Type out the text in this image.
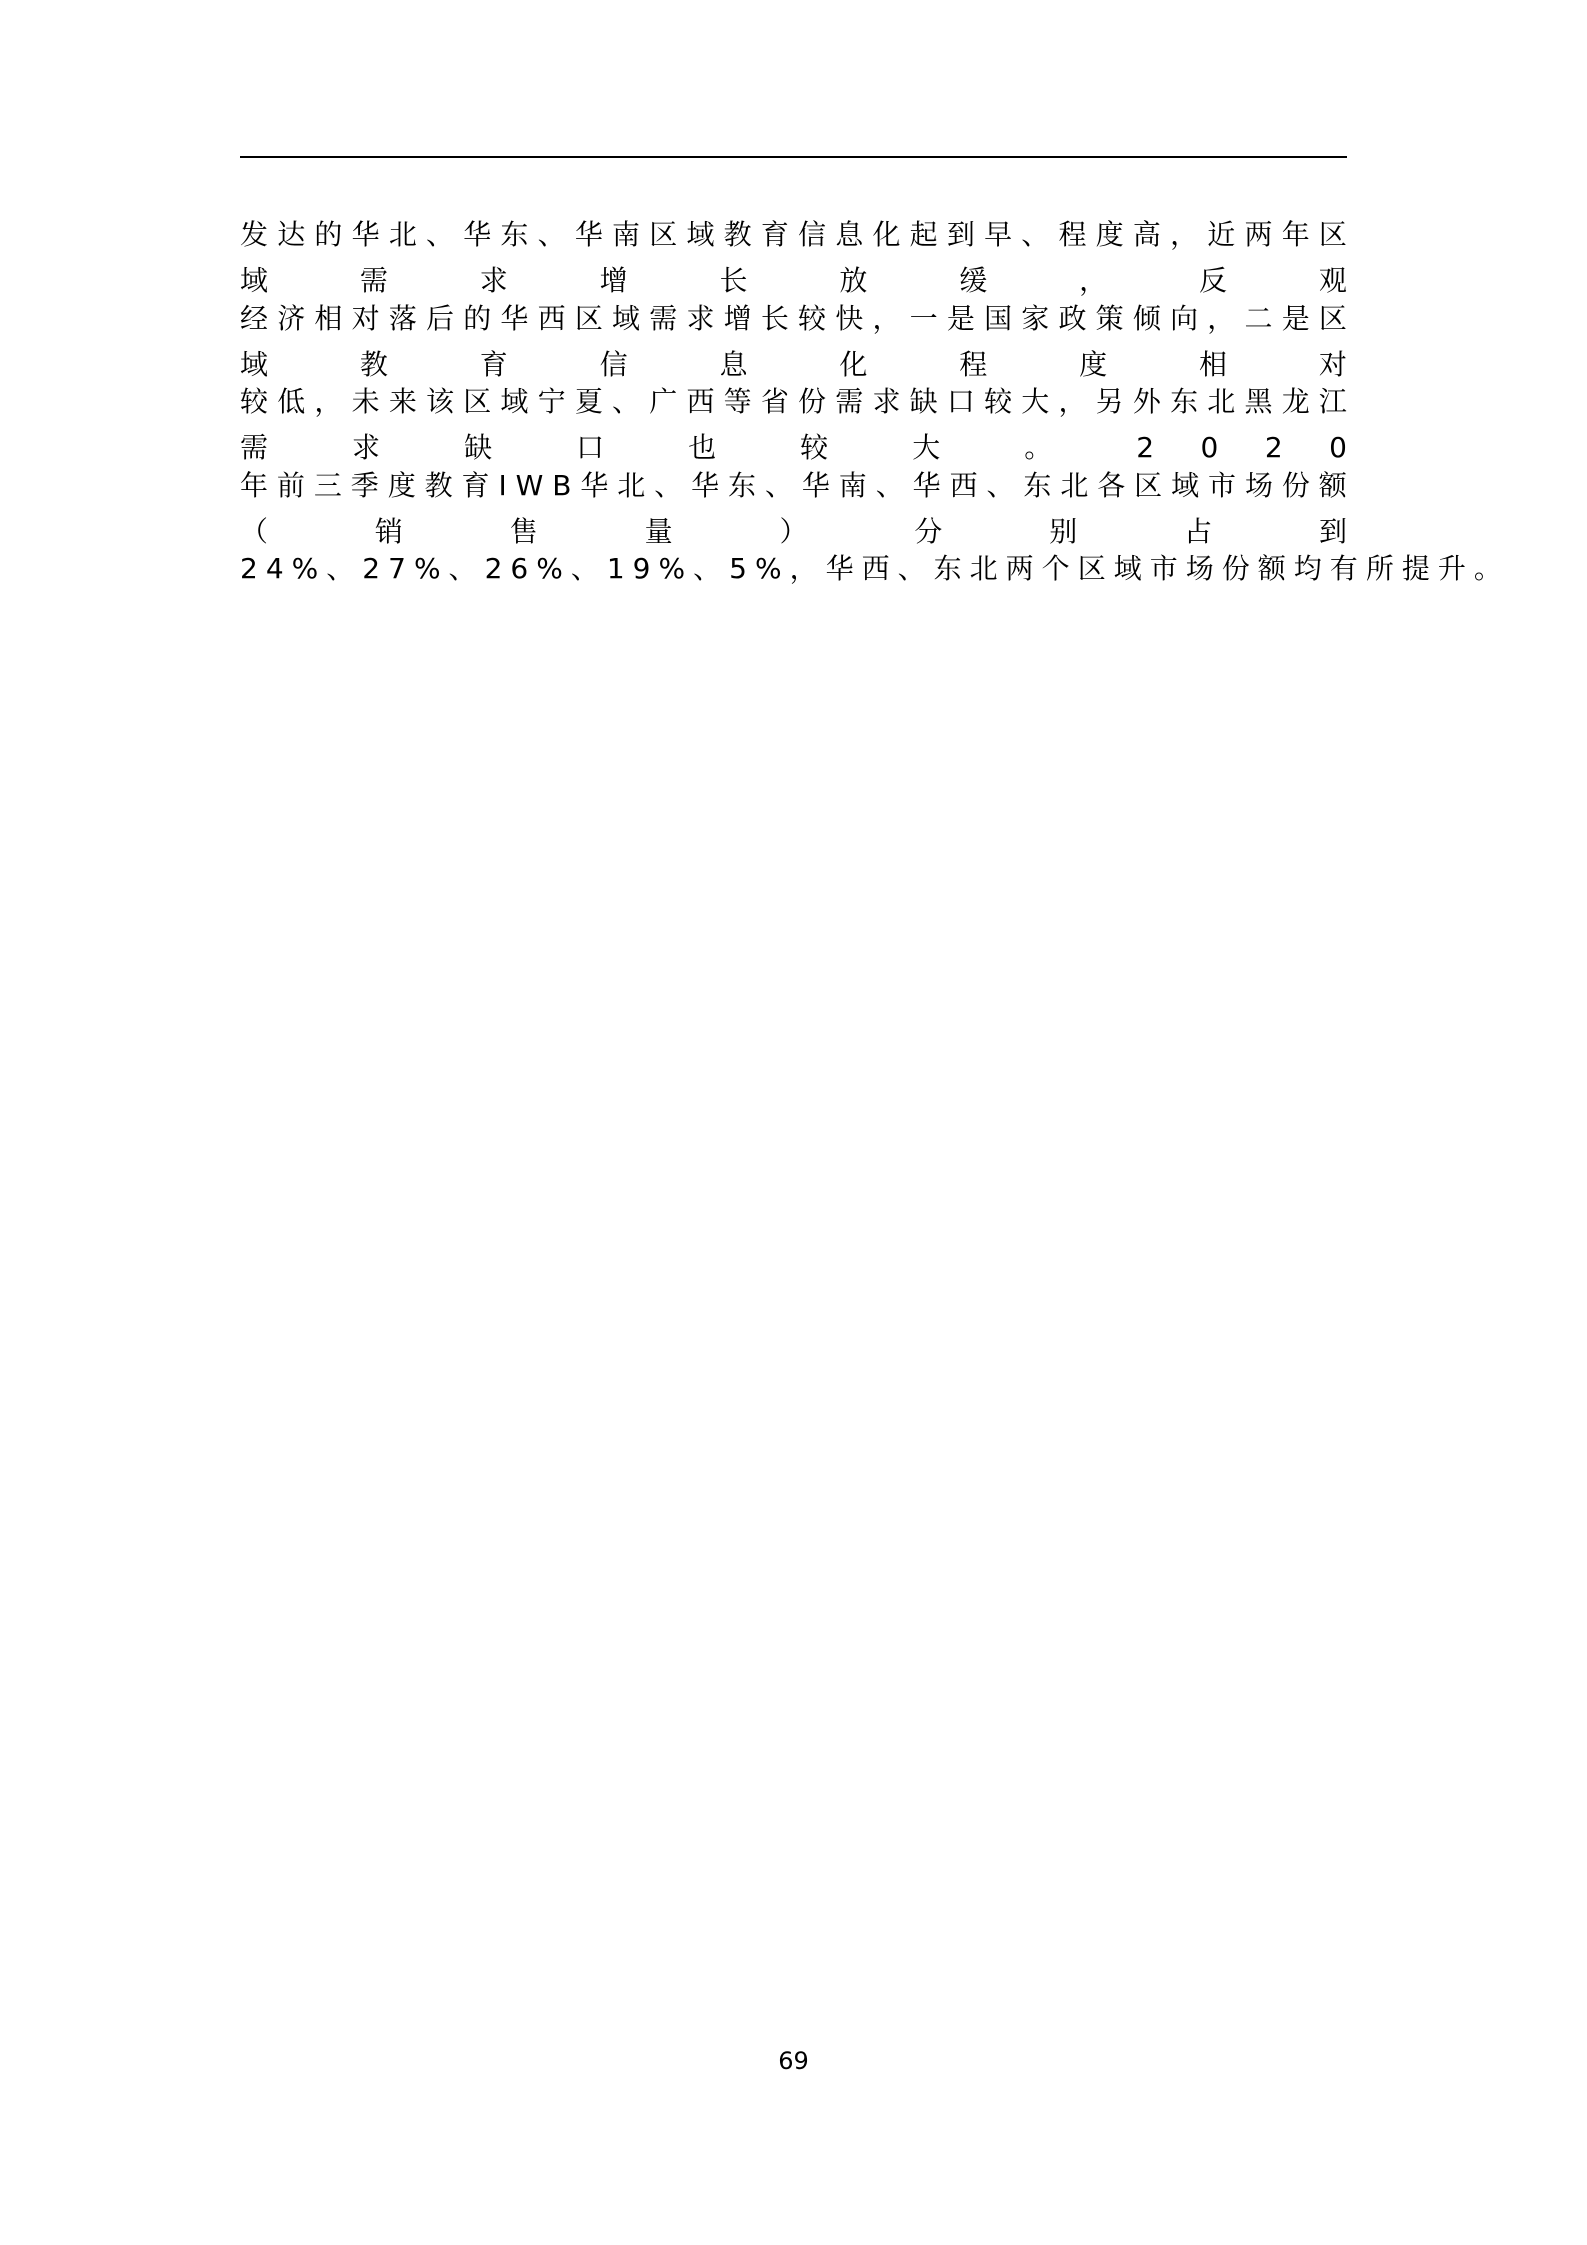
发 达 的 华 北 、 华 东 、 华 南 区 域 教 育 信 息 化 起 到 早 、 程 度 高 ， 近 两 年 区 域 需 求 增 长 放 缓 ， 反 观
经 济 相 对 落 后 的 华 西 区 域 需 求 增 长 较 快 ， 一 是 国 家 政 策 倾 向 ， 二 是 区 域 教 育 信 息 化 程 度 相 对
较 低 ， 未 来 该 区 域 宁 夏 、 广 西 等 省 份 需 求 缺 口 较 大 ， 另 外 东 北 黑 龙 江 需 求 缺 口 也 较 大 。 2 0 2 0
年 前 三 季 度 教 育 I W B 华 北 、 华 东 、 华 南 、 华 西 、 东 北 各 区 域 市 场 份 额 （ 销 售 量 ） 分 别 占 到
24%、27%、26%、19%、5%，华西、东北两个区域市场份额均有所提升。
69
